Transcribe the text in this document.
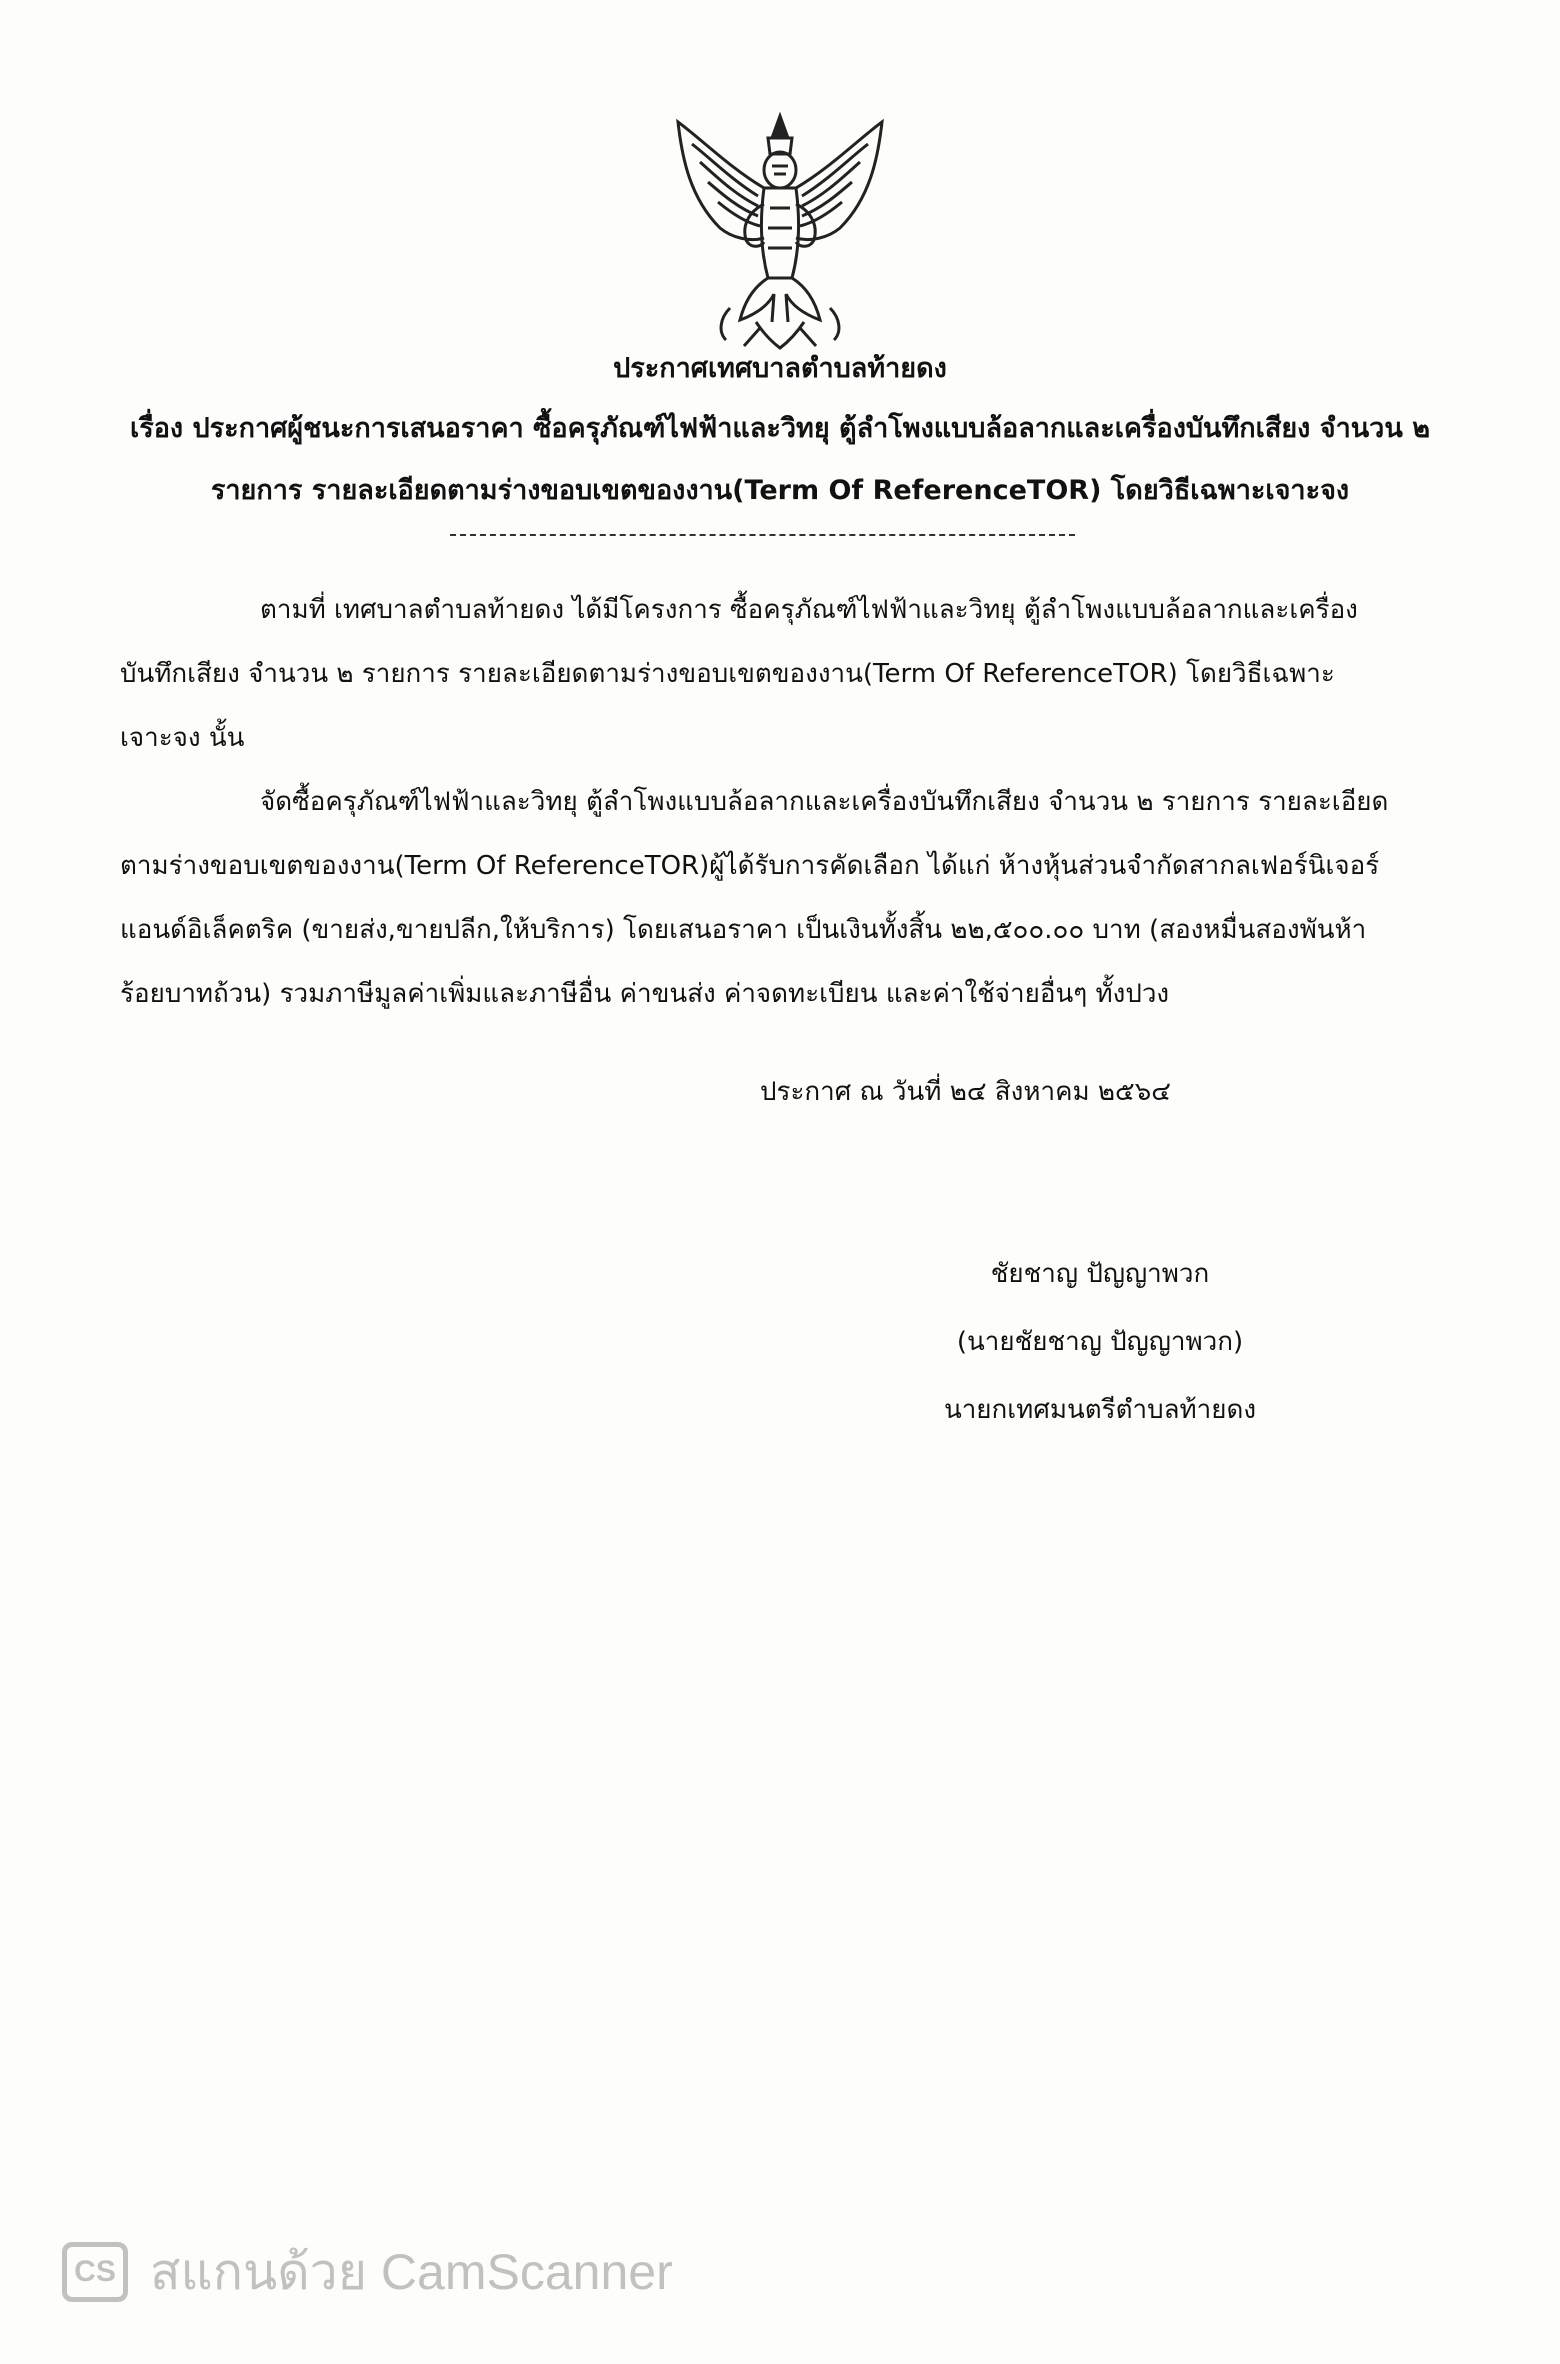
ประกาศเทศบาลตำบลท้ายดง
เรื่อง ประกาศผู้ชนะการเสนอราคา ซื้อครุภัณฑ์ไฟฟ้าและวิทยุ ตู้ลำโพงแบบล้อลากและเครื่องบันทึกเสียง จำนวน ๒ รายการ รายละเอียดตามร่างขอบเขตของงาน(Term Of ReferenceTOR) โดยวิธีเฉพาะเจาะจง

ตามที่ เทศบาลตำบลท้ายดง ได้มีโครงการ ซื้อครุภัณฑ์ไฟฟ้าและวิทยุ ตู้ลำโพงแบบล้อลากและเครื่องบันทึกเสียง จำนวน ๒ รายการ รายละเอียดตามร่างขอบเขตของงาน(Term Of ReferenceTOR) โดยวิธีเฉพาะเจาะจง นั้น

จัดซื้อครุภัณฑ์ไฟฟ้าและวิทยุ ตู้ลำโพงแบบล้อลากและเครื่องบันทึกเสียง จำนวน ๒ รายการ รายละเอียดตามร่างขอบเขตของงาน(Term Of ReferenceTOR)ผู้ได้รับการคัดเลือก ได้แก่ ห้างหุ้นส่วนจำกัดสากลเฟอร์นิเจอร์แอนด์อิเล็คตริค (ขายส่ง,ขายปลีก,ให้บริการ) โดยเสนอราคา เป็นเงินทั้งสิ้น ๒๒,๕๐๐.๐๐ บาท (สองหมื่นสองพันห้าร้อยบาทถ้วน) รวมภาษีมูลค่าเพิ่มและภาษีอื่น ค่าขนส่ง ค่าจดทะเบียน และค่าใช้จ่ายอื่นๆ ทั้งปวง

ประกาศ ณ วันที่ ๒๔ สิงหาคม ๒๕๖๔
ชัยชาญ ปัญญาพวก
(นายชัยชาญ ปัญญาพวก)
นายกเทศมนตรีตำบลท้ายดง
CS สแกนด้วย CamScanner
